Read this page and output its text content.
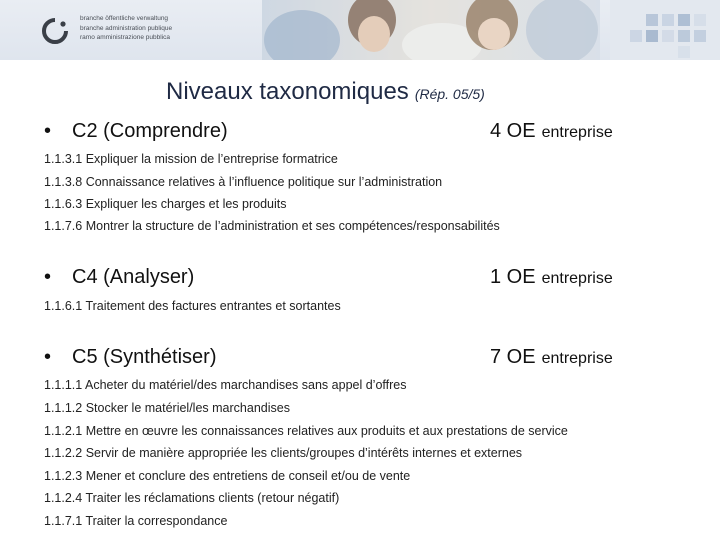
branche öffentliche verwaltung
branche administration publique
ramo amministrazione pubblica
Niveaux taxonomiques (Rép. 05/5)
• C2 (Comprendre)	4 OE entreprise
1.1.3.1 Expliquer la mission de l’entreprise formatrice
1.1.3.8 Connaissance relatives à l’influence politique sur l’administration
1.1.6.3 Expliquer les charges et les produits
1.1.7.6 Montrer la structure de l’administration et ses compétences/responsabilités
• C4 (Analyser)	1 OE entreprise
1.1.6.1 Traitement des factures entrantes et sortantes
• C5 (Synthétiser)	7 OE entreprise
1.1.1.1 Acheter du matériel/des marchandises sans appel d’offres
1.1.1.2 Stocker le matériel/les marchandises
1.1.2.1 Mettre en œuvre les connaissances relatives aux produits et aux prestations de service
1.1.2.2 Servir de manière appropriée les clients/groupes d’intérêts internes et externes
1.1.2.3 Mener et conclure des entretiens de conseil et/ou de vente
1.1.2.4 Traiter les réclamations clients (retour négatif)
1.1.7.1 Traiter la correspondance
